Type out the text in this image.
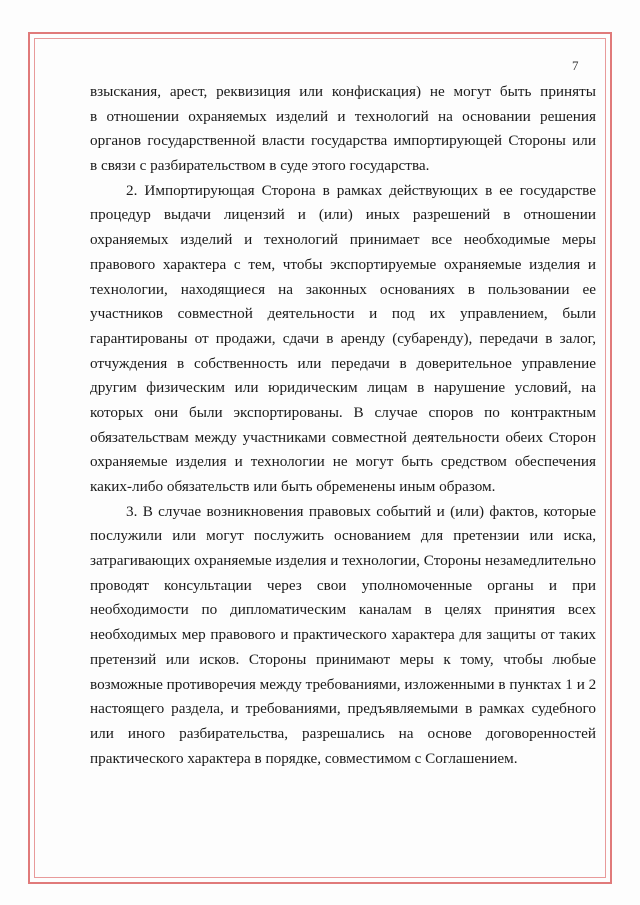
7
взыскания, арест, реквизиция или конфискация) не могут быть приняты
в отношении охраняемых изделий и технологий на основании решения
органов государственной власти государства импортирующей Стороны или
в связи с разбирательством в суде этого государства.
2. Импортирующая Сторона в рамках действующих в ее государстве
процедур выдачи лицензий и (или) иных разрешений в отношении
охраняемых изделий и технологий принимает все необходимые меры
правового характера с тем, чтобы экспортируемые охраняемые изделия и
технологии, находящиеся на законных основаниях в пользовании ее
участников совместной деятельности и под их управлением, были
гарантированы от продажи, сдачи в аренду (субаренду), передачи в залог,
отчуждения в собственность или передачи в доверительное управление
другим физическим или юридическим лицам в нарушение условий, на
которых они были экспортированы. В случае споров по контрактным
обязательствам между участниками совместной деятельности обеих Сторон
охраняемые изделия и технологии не могут быть средством обеспечения
каких-либо обязательств или быть обременены иным образом.
3. В случае возникновения правовых событий и (или) фактов, которые
послужили или могут послужить основанием для претензии или иска,
затрагивающих охраняемые изделия и технологии, Стороны незамедлительно
проводят консультации через свои уполномоченные органы и при
необходимости по дипломатическим каналам в целях принятия всех
необходимых мер правового и практического характера для защиты от таких
претензий или исков. Стороны принимают меры к тому, чтобы любые
возможные противоречия между требованиями, изложенными в пунктах 1 и 2
настоящего раздела, и требованиями, предъявляемыми в рамках судебного
или иного разбирательства, разрешались на основе договоренностей
практического характера в порядке, совместимом с Соглашением.
